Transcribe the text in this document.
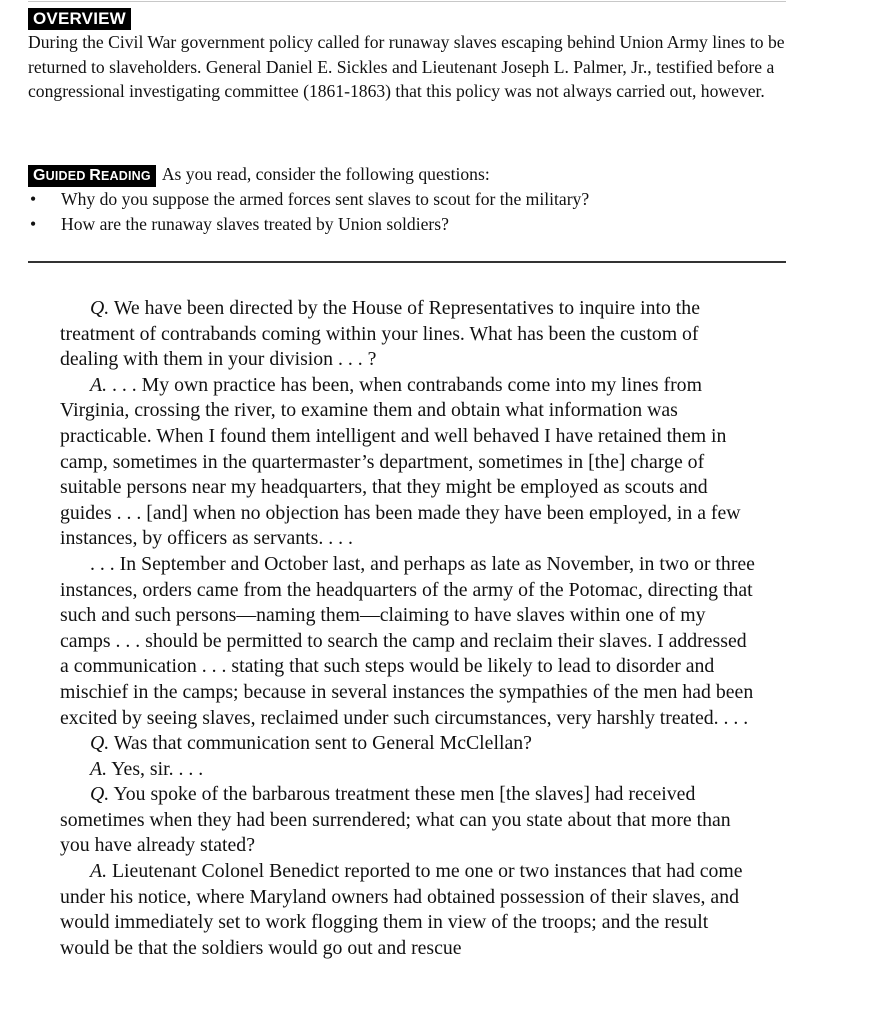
OVERVIEW
During the Civil War government policy called for runaway slaves escaping behind Union Army lines to be returned to slaveholders. General Daniel E. Sickles and Lieutenant Joseph L. Palmer, Jr., testified before a congressional investigating committee (1861-1863) that this policy was not always carried out, however.
GUIDED READING As you read, consider the following questions:
• Why do you suppose the armed forces sent slaves to scout for the military?
• How are the runaway slaves treated by Union soldiers?

Q. We have been directed by the House of Representatives to inquire into the treatment of contrabands coming within your lines. What has been the custom of dealing with them in your division . . . ?

A. . . . My own practice has been, when contrabands come into my lines from Virginia, crossing the river, to examine them and obtain what information was practicable. When I found them intelligent and well behaved I have retained them in camp, sometimes in the quartermaster’s department, sometimes in [the] charge of suitable persons near my headquarters, that they might be employed as scouts and guides . . . [and] when no objection has been made they have been employed, in a few instances, by officers as servants. . . .

. . . In September and October last, and perhaps as late as November, in two or three instances, orders came from the headquarters of the army of the Potomac, directing that such and such persons—naming them—claiming to have slaves within one of my camps . . . should be permitted to search the camp and reclaim their slaves. I addressed a communication . . . stating that such steps would be likely to lead to disorder and mischief in the camps; because in several instances the sympathies of the men had been excited by seeing slaves, reclaimed under such circumstances, very harshly treated. . . .

Q. Was that communication sent to General McClellan?

A. Yes, sir. . . .

Q. You spoke of the barbarous treatment these men [the slaves] had received sometimes when they had been surrendered; what can you state about that more than you have already stated?

A. Lieutenant Colonel Benedict reported to me one or two instances that had come under his notice, where Maryland owners had obtained possession of their slaves, and would immediately set to work flogging them in view of the troops; and the result would be that the soldiers would go out and rescue
